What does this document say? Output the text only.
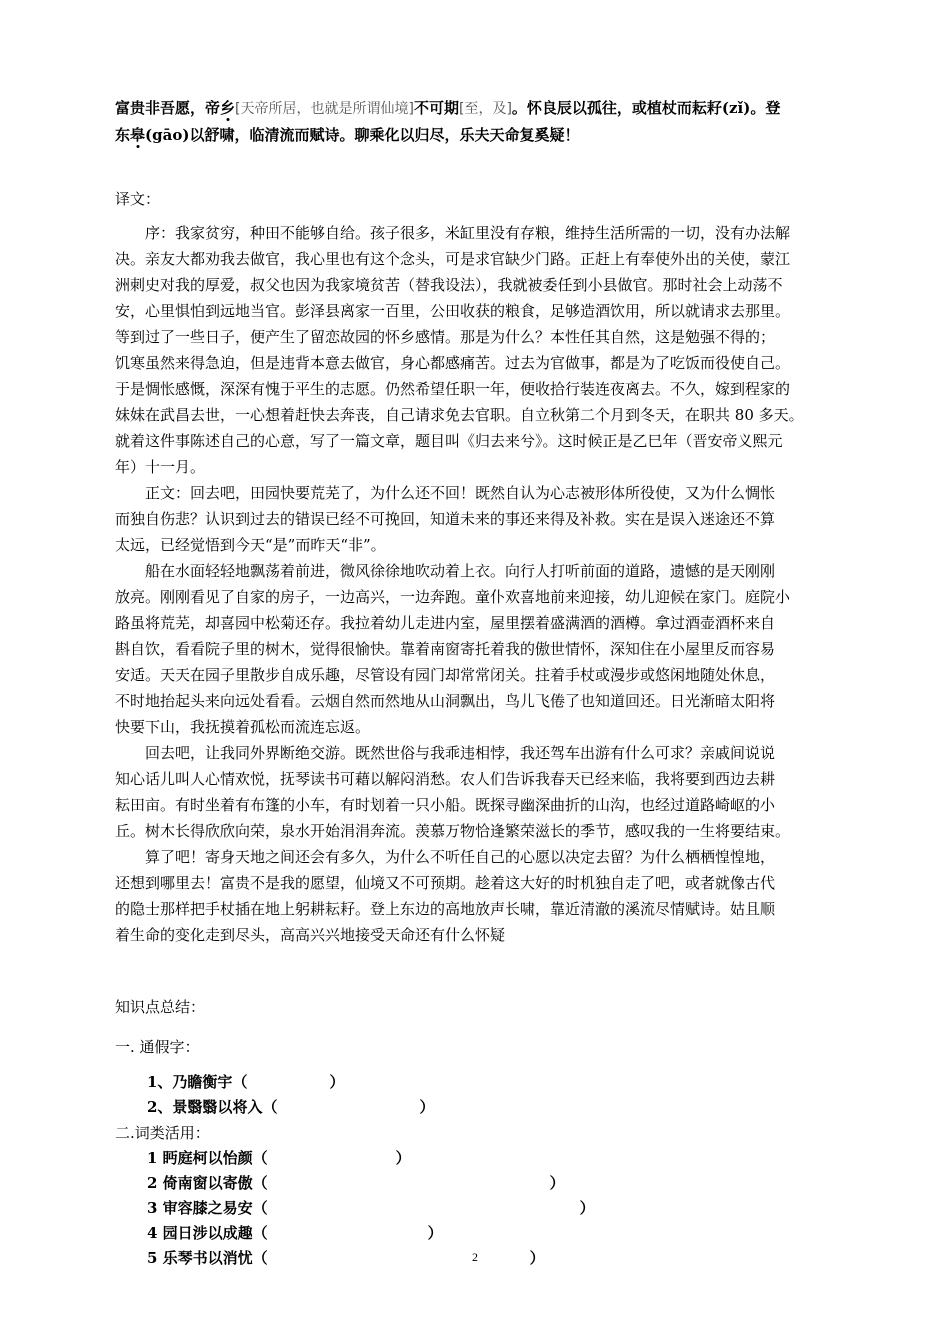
富贵非吾愿，帝乡[天帝所居，也就是所谓仙境]不可期[至，及]。怀良辰以孤往，或植杖而耘耔(zǐ)。登
东皋(gāo)以舒啸，临清流而赋诗。聊乘化以归尽，乐夫天命复奚疑！
译文：
序：我家贫穷，种田不能够自给。孩子很多，米缸里没有存粮，维持生活所需的一切，没有办法解
决。亲友大都劝我去做官，我心里也有这个念头，可是求官缺少门路。正赶上有奉使外出的关使，蒙江
洲刺史对我的厚爱，叔父也因为我家境贫苦（替我设法），我就被委任到小县做官。那时社会上动荡不
安，心里惧怕到远地当官。彭泽县离家一百里，公田收获的粮食，足够造酒饮用，所以就请求去那里。
等到过了一些日子，便产生了留恋故园的怀乡感情。那是为什么？本性任其自然，这是勉强不得的；
饥寒虽然来得急迫，但是违背本意去做官，身心都感痛苦。过去为官做事，都是为了吃饭而役使自己。
于是惆怅感慨，深深有愧于平生的志愿。仍然希望任职一年，便收拾行装连夜离去。不久，嫁到程家的
妹妹在武昌去世，一心想着赶快去奔丧，自己请求免去官职。自立秋第二个月到冬天，在职共 80 多天。
就着这件事陈述自己的心意，写了一篇文章，题目叫《归去来兮》。这时候正是乙巳年（晋安帝义熙元
年）十一月。
正文：回去吧，田园快要荒芜了，为什么还不回！既然自认为心志被形体所役使，又为什么惆怅
而独自伤悲？认识到过去的错误已经不可挽回，知道未来的事还来得及补救。实在是误入迷途还不算
太远，已经觉悟到今天“是”而昨天“非”。
船在水面轻轻地飘荡着前进，微风徐徐地吹动着上衣。向行人打听前面的道路，遗憾的是天刚刚
放亮。刚刚看见了自家的房子，一边高兴，一边奔跑。童仆欢喜地前来迎接，幼儿迎候在家门。庭院小
路虽将荒芜，却喜园中松菊还存。我拉着幼儿走进内室，屋里摆着盛满酒的酒樽。拿过酒壶酒杯来自
斟自饮，看看院子里的树木，觉得很愉快。靠着南窗寄托着我的傲世情怀，深知住在小屋里反而容易
安适。天天在园子里散步自成乐趣，尽管设有园门却常常闭关。拄着手杖或漫步或悠闲地随处休息，
不时地抬起头来向远处看看。云烟自然而然地从山洞飘出，鸟儿飞倦了也知道回还。日光渐暗太阳将
快要下山，我抚摸着孤松而流连忘返。
回去吧，让我同外界断绝交游。既然世俗与我乖违相悖，我还驾车出游有什么可求？亲戚间说说
知心话儿叫人心情欢悦，抚琴读书可藉以解闷消愁。农人们告诉我春天已经来临，我将要到西边去耕
耘田亩。有时坐着有布篷的小车，有时划着一只小船。既探寻幽深曲折的山沟，也经过道路崎岖的小
丘。树木长得欣欣向荣，泉水开始涓涓奔流。羡慕万物恰逢繁荣滋长的季节，感叹我的一生将要结束。
算了吧！寄身天地之间还会有多久，为什么不听任自己的心愿以决定去留？为什么栖栖惶惶地，
还想到哪里去！富贵不是我的愿望，仙境又不可预期。趁着这大好的时机独自走了吧，或者就像古代
的隐士那样把手杖插在地上躬耕耘耔。登上东边的高地放声长啸，靠近清澈的溪流尽情赋诗。姑且顺
着生命的变化走到尽头，高高兴兴地接受天命还有什么怀疑
知识点总结：
一. 通假字：
1、乃瞻衡宇（	）
2、景翳翳以将入（	）
二.词类活用：
1 眄庭柯以怡颜（	）
2 倚南窗以寄傲（	）
3 审容膝之易安（	）
4 园日涉以成趣（	）
5 乐琴书以消忧（	）
2
